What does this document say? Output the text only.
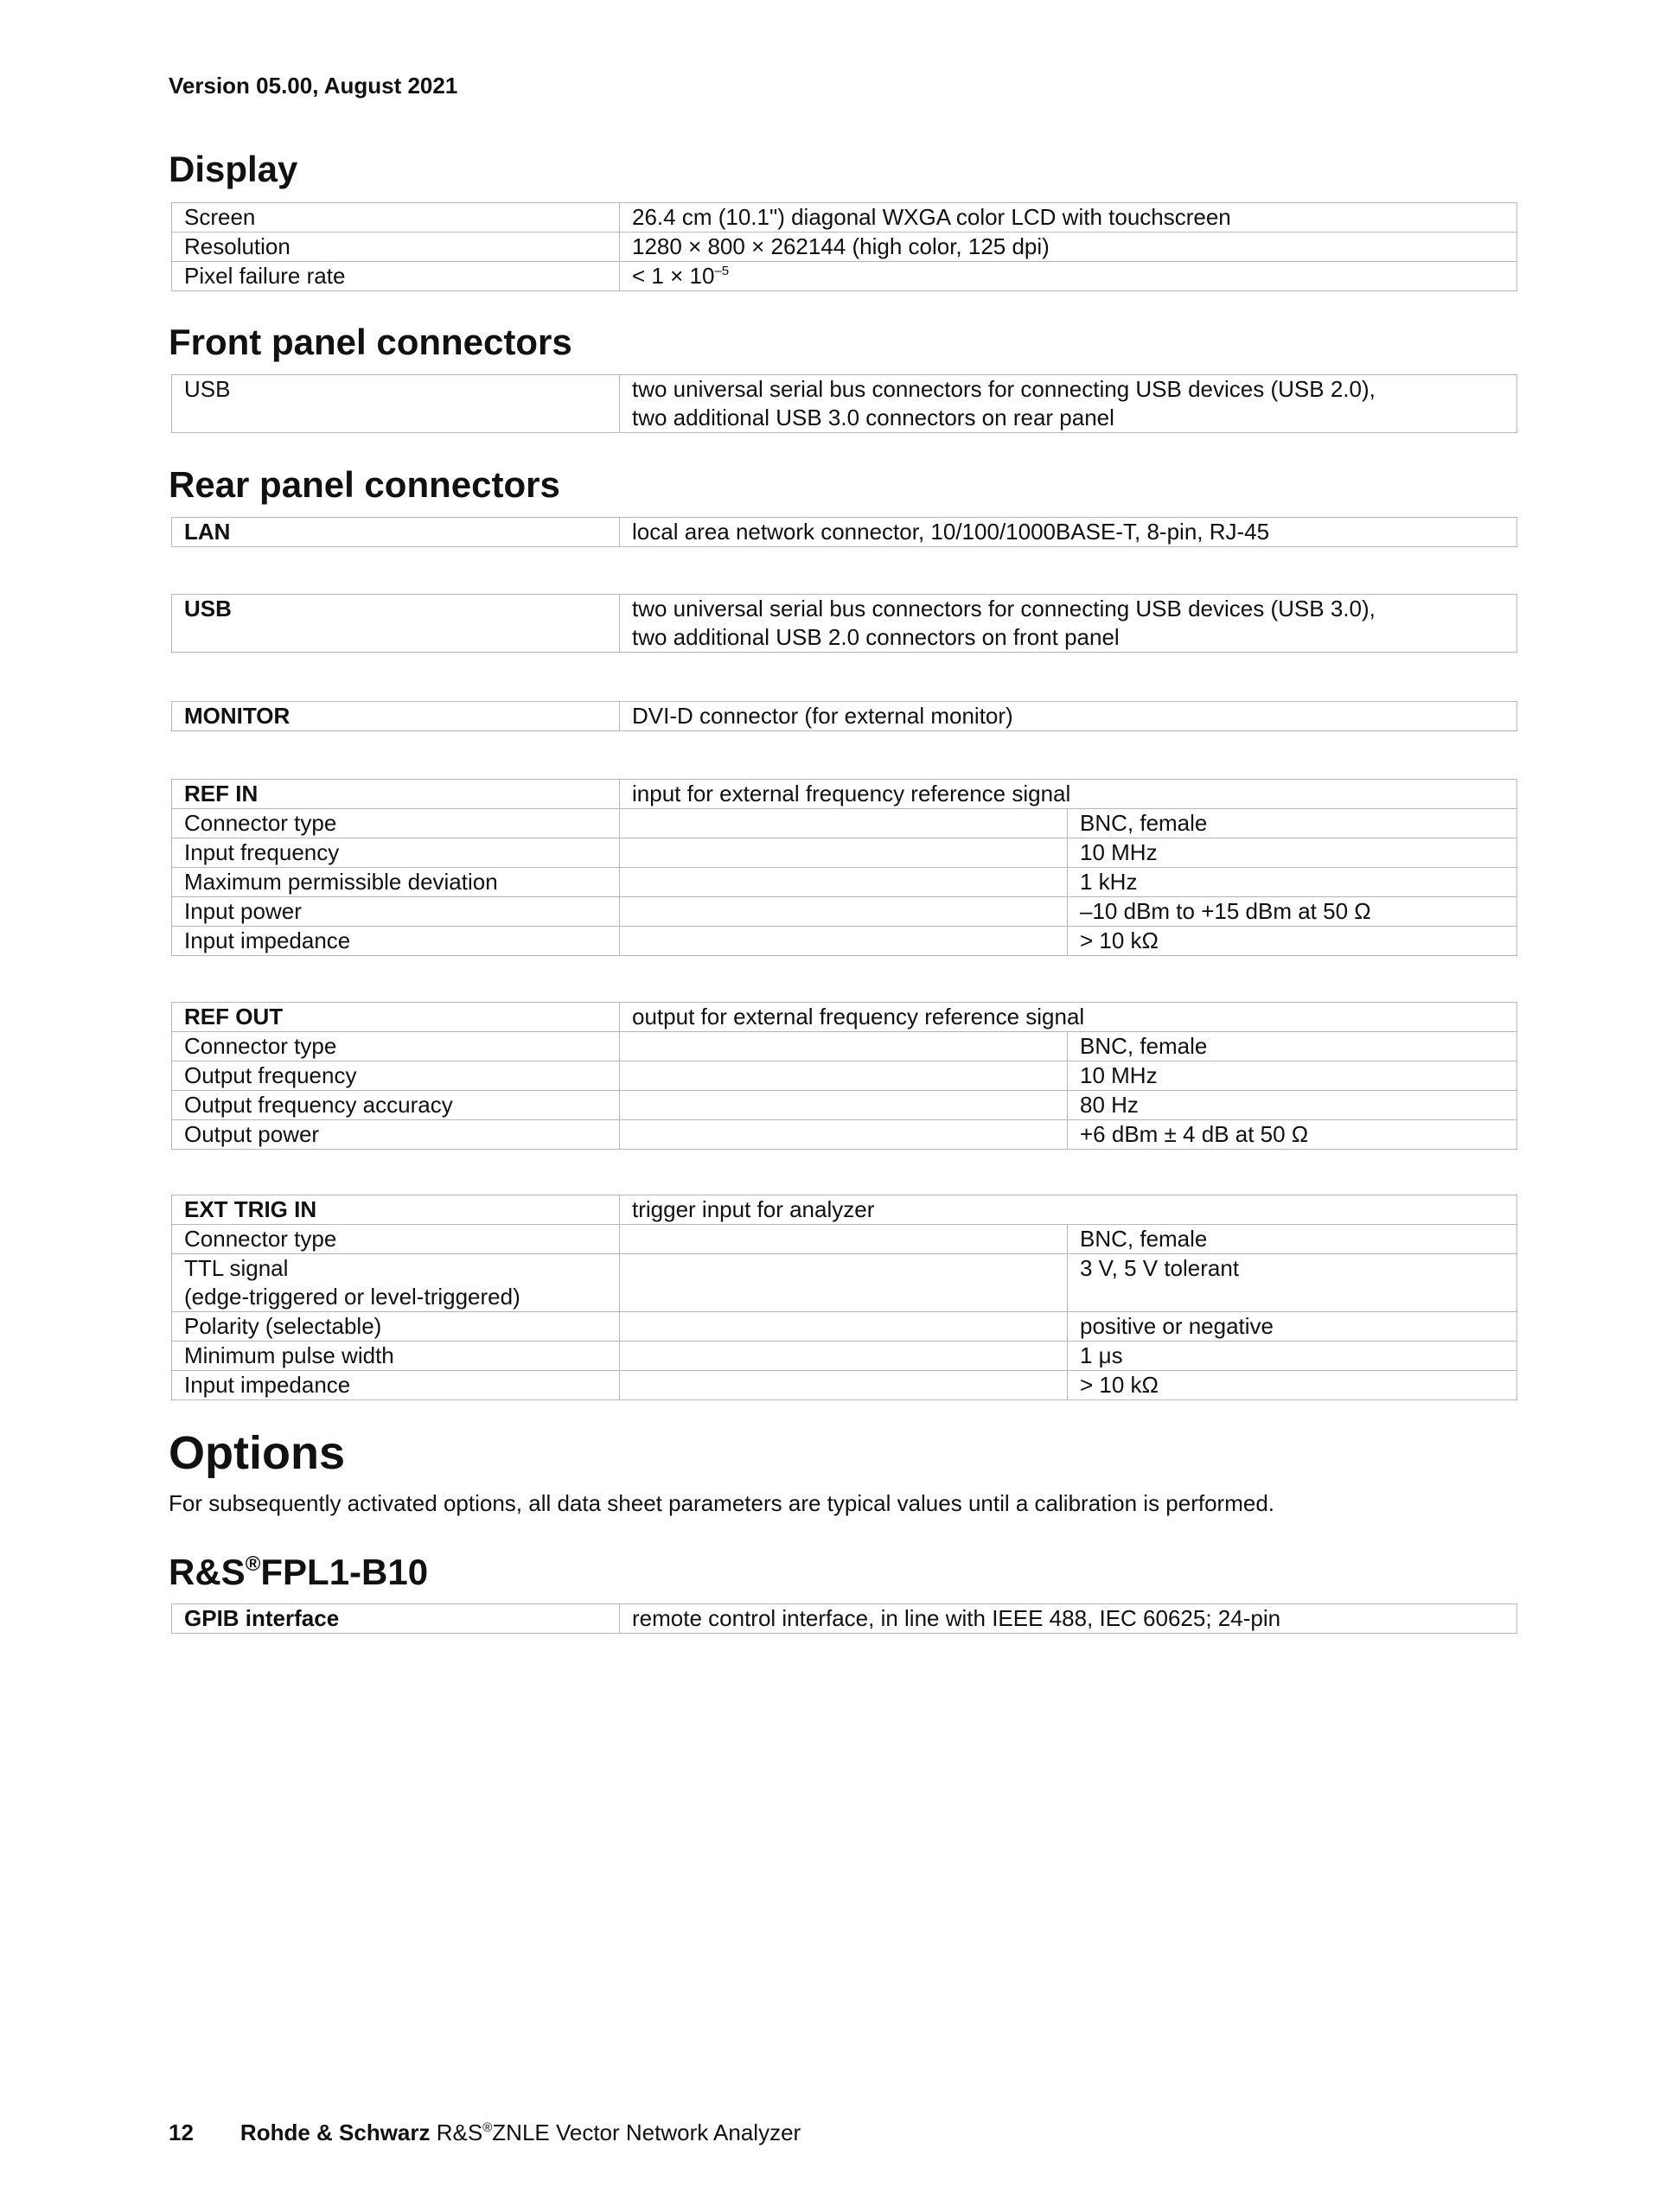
Version 05.00, August 2021
Display
Screen	26.4 cm (10.1") diagonal WXGA color LCD with touchscreen
Resolution	1280 × 800 × 262144 (high color, 125 dpi)
Pixel failure rate	< $1 \times 10^{-5}$
Front panel connectors
USB	two universal serial bus connectors for connecting USB devices (USB 2.0),
two additional USB 3.0 connectors on rear panel
Rear panel connectors
LAN	local area network connector, 10/100/1000BASE-T, 8-pin, RJ-45
USB	two universal serial bus connectors for connecting USB devices (USB 3.0),
two additional USB 2.0 connectors on front panel
MONITOR	DVI-D connector (for external monitor)
REF IN	input for external frequency reference signal	
Connector type		BNC, female
Input frequency		10 MHz
Maximum permissible deviation		1 kHz
Input power		–10 dBm to +15 dBm at 50 Ω
Input impedance		> 10 kΩ
REF OUT	output for external frequency reference signal	
Connector type		BNC, female
Output frequency		10 MHz
Output frequency accuracy		80 Hz
Output power		+6 dBm ± 4 dB at 50 Ω
EXT TRIG IN	trigger input for analyzer	
Connector type		BNC, female

TTL signal
(edge-triggered or level-triggered)		3 V, 5 V tolerant
Polarity (selectable)		positive or negative
Minimum pulse width		1 μs
Input impedance		> 10 kΩ
Options

For subsequently activated options, all data sheet parameters are typical values until a calibration is performed.

R&S®FPL1-B10
GPIB interface	remote control interface, in line with IEEE 488, IEC 60625; 24-pin
12 Rohde & Schwarz R&S®ZNLE Vector Network Analyzer
